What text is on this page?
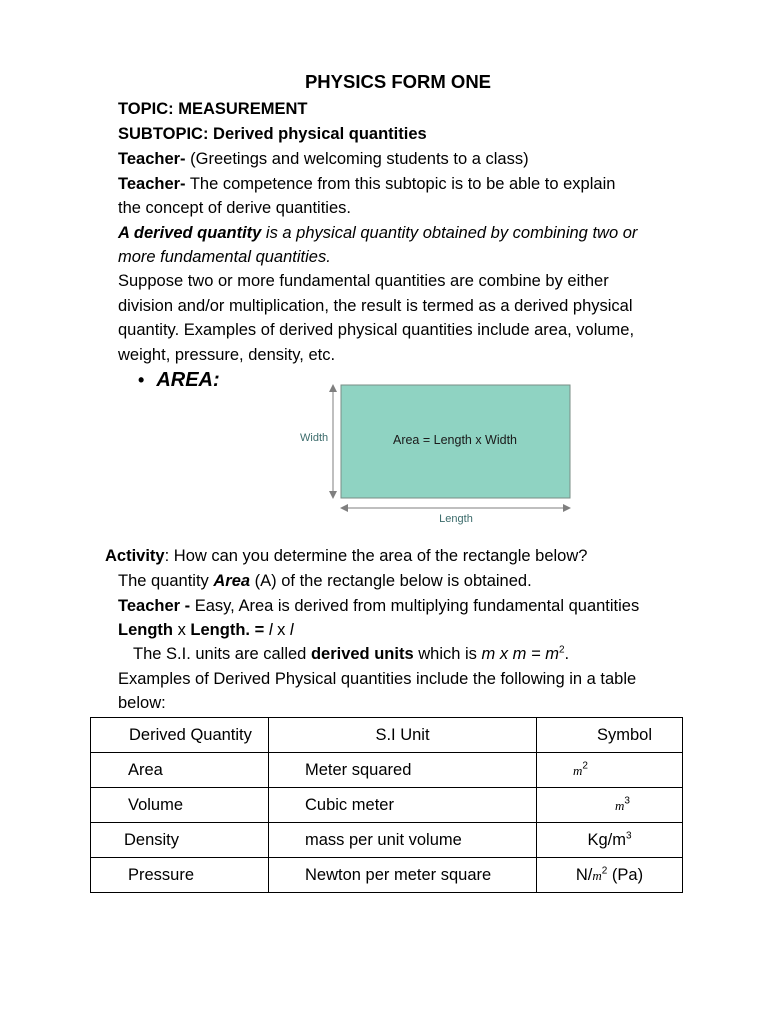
PHYSICS FORM ONE
TOPIC: MEASUREMENT
SUBTOPIC: Derived physical quantities
Teacher- (Greetings and welcoming students to a class)
Teacher- The competence from this subtopic is to be able to explain
the concept of derive quantities.
A derived quantity is a physical quantity obtained by combining two or
more fundamental quantities.
Suppose two or more fundamental quantities are combine by either
division and/or multiplication, the result is termed as a derived physical
quantity. Examples of derived physical quantities include area, volume,
weight, pressure, density, etc.
• AREA:
Width	Area = Length x Width
Length
Activity: How can you determine the area of the rectangle below?
The quantity Area (A) of the rectangle below is obtained.
Teacher - Easy, Area is derived from multiplying fundamental quantities
Length x Length. = l x l
The S.I. units are called derived units which is m x $m = m^2$.
Examples of Derived Physical quantities include the following in a table
below:
Derived Quantity	S.I Unit	Symbol
Area	Meter squared	$m^2$
Volume	Cubic meter	$m^3$
Density	mass per unit volume	$Kg/m^3$
Pressure	Newton per meter square	$N/m^2$ (Pa)
